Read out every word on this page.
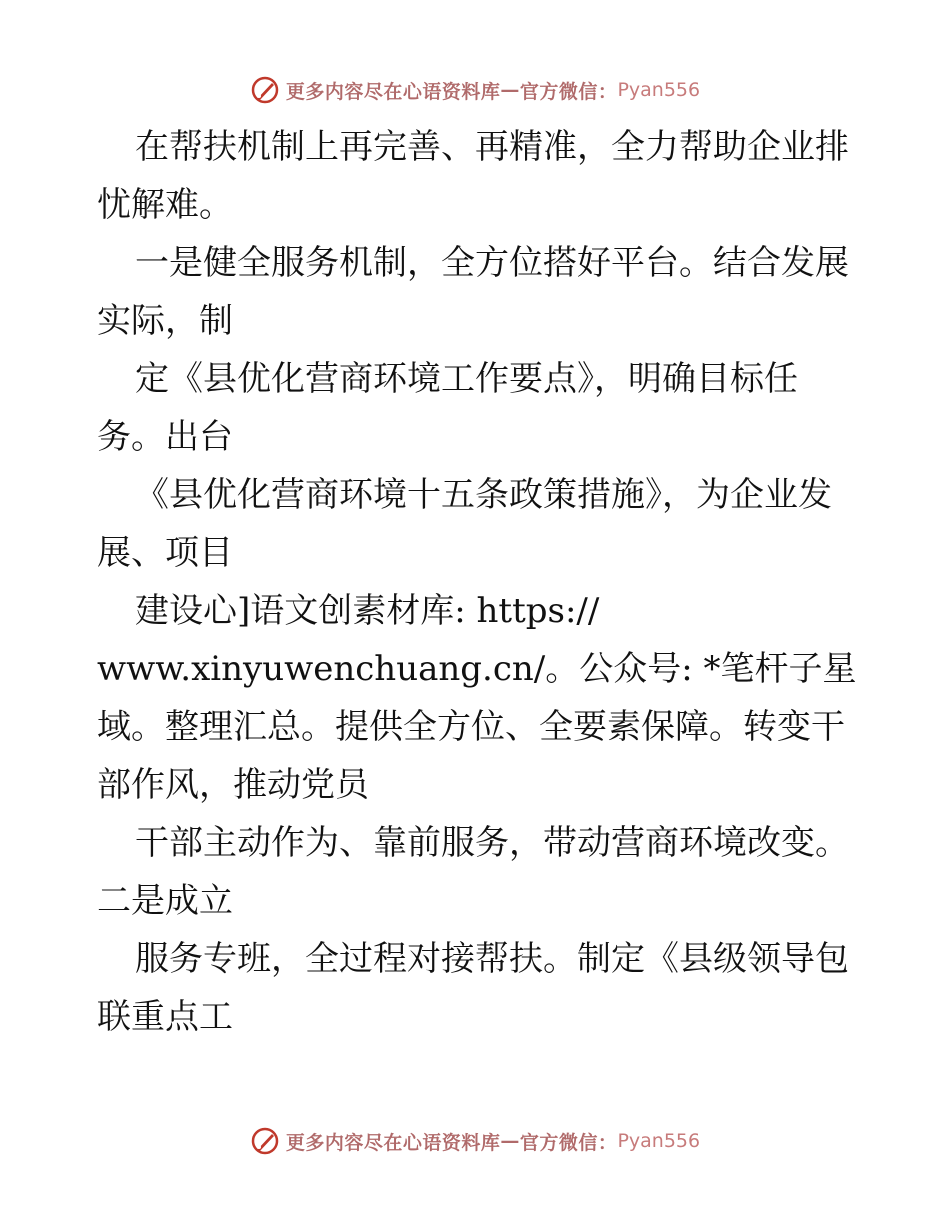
更多内容尽在心语资料库 — 官方微信： Pyan556
在帮扶机制上再完善、再精准，全力帮助企业排
忧解难。
一是健全服务机制，全方位搭好平台。结合发展
实际，制
定《县优化营商环境工作要点》，明确目标任
务。出台
《县优化营商环境十五条政策措施》，为企业发
展、项目
建设心]语文创素材库: https://
www.xinyuwenchuang.cn/。公众号: *笔杆子星
域。整理汇总。提供全方位、全要素保障。转变干
部作风，推动党员
干部主动作为、靠前服务，带动营商环境改变。
二是成立
服务专班，全过程对接帮扶。制定《县级领导包
联重点工
更多内容尽在心语资料库 — 官方微信： Pyan556
